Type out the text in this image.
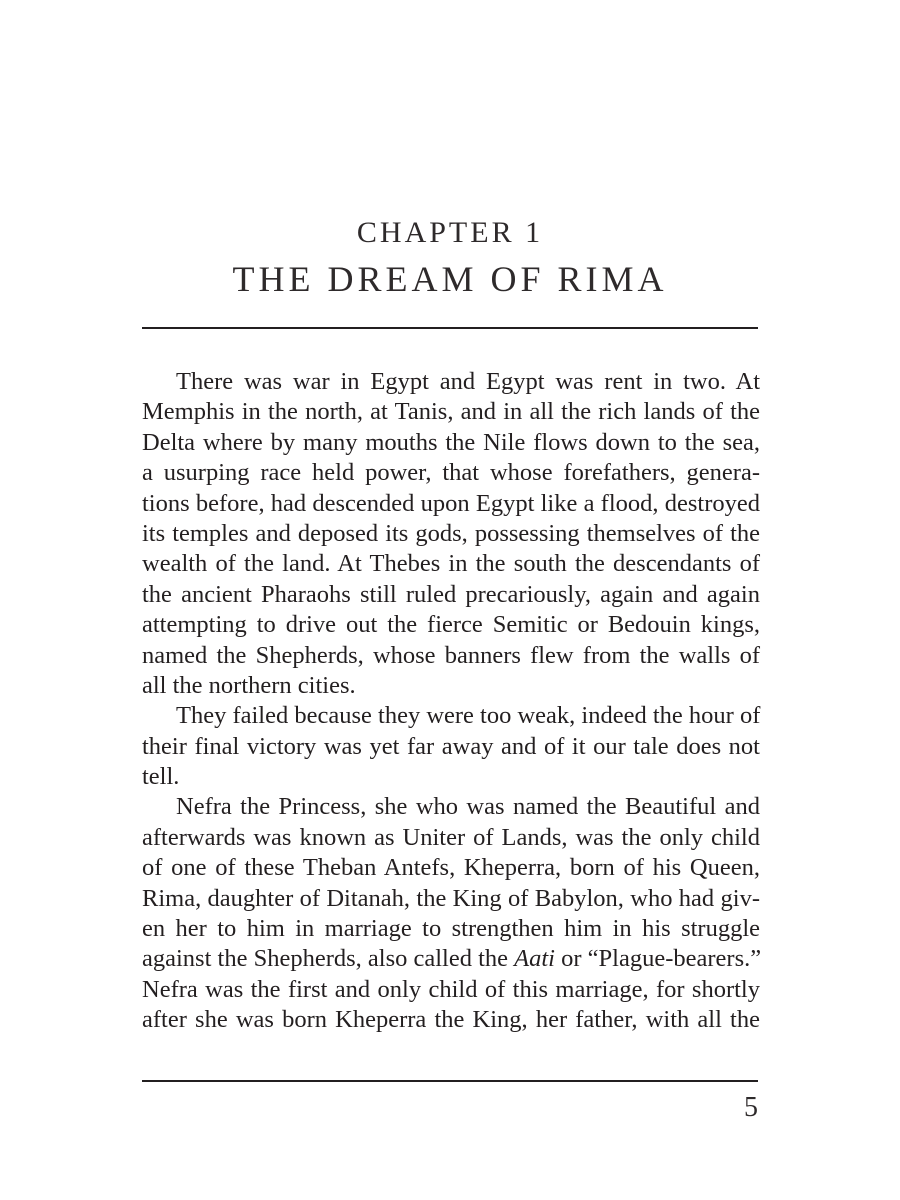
CHAPTER 1
THE DREAM OF RIMA
There was war in Egypt and Egypt was rent in two. At
Memphis in the north, at Tanis, and in all the rich lands of the
Delta where by many mouths the Nile flows down to the sea,
a usurping race held power, that whose forefathers, genera-
tions before, had descended upon Egypt like a flood, destroyed
its temples and deposed its gods, possessing themselves of the
wealth of the land. At Thebes in the south the descendants of
the ancient Pharaohs still ruled precariously, again and again
attempting to drive out the fierce Semitic or Bedouin kings,
named the Shepherds, whose banners flew from the walls of
all the northern cities.
They failed because they were too weak, indeed the hour of
their final victory was yet far away and of it our tale does not
tell.
Nefra the Princess, she who was named the Beautiful and
afterwards was known as Uniter of Lands, was the only child
of one of these Theban Antefs, Kheperra, born of his Queen,
Rima, daughter of Ditanah, the King of Babylon, who had giv-
en her to him in marriage to strengthen him in his struggle
against the Shepherds, also called the Aati or “Plague-bearers.”
Nefra was the first and only child of this marriage, for shortly
after she was born Kheperra the King, her father, with all the
5
